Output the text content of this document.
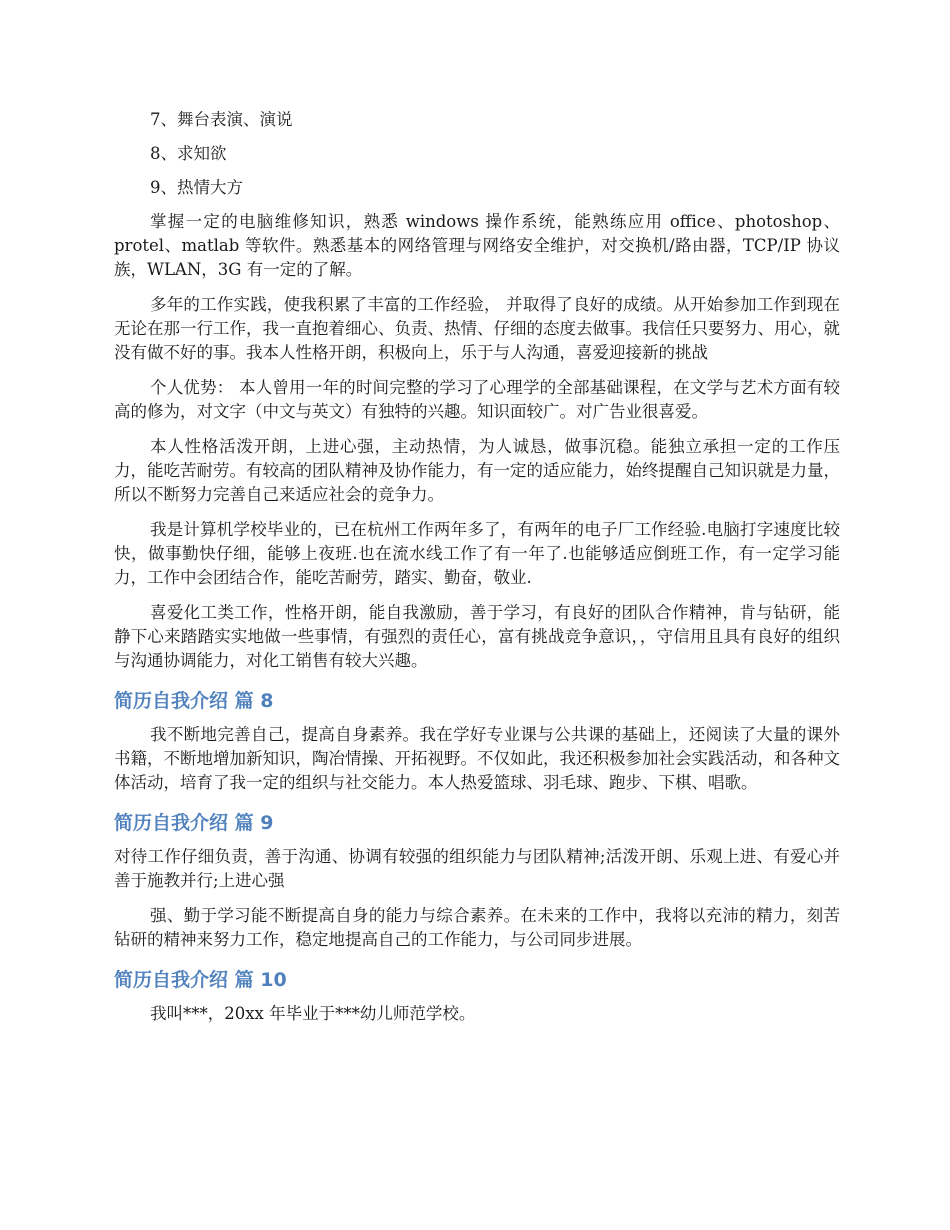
7、舞台表演、演说

8、求知欲

9、热情大方

掌握一定的电脑维修知识，熟悉 windows 操作系统，能熟练应用 office、photoshop、protel、matlab 等软件。熟悉基本的网络管理与网络安全维护，对交换机/路由器，TCP/IP 协议族，WLAN，3G 有一定的了解。

多年的工作实践，使我积累了丰富的工作经验， 并取得了良好的成绩。从开始参加工作到现在无论在那一行工作，我一直抱着细心、负责、热情、仔细的态度去做事。我信任只要努力、用心，就没有做不好的事。我本人性格开朗，积极向上，乐于与人沟通，喜爱迎接新的挑战

个人优势： 本人曾用一年的时间完整的学习了心理学的全部基础课程，在文学与艺术方面有较高的修为，对文字（中文与英文）有独特的兴趣。知识面较广。对广告业很喜爱。

本人性格活泼开朗，上进心强，主动热情，为人诚恳，做事沉稳。能独立承担一定的工作压力，能吃苦耐劳。有较高的团队精神及协作能力，有一定的适应能力，始终提醒自己知识就是力量，所以不断努力完善自己来适应社会的竞争力。

我是计算机学校毕业的，已在杭州工作两年多了，有两年的电子厂工作经验.电脑打字速度比较快，做事勤快仔细，能够上夜班.也在流水线工作了有一年了.也能够适应倒班工作，有一定学习能力，工作中会团结合作，能吃苦耐劳，踏实、勤奋，敬业.

喜爱化工类工作，性格开朗，能自我激励，善于学习，有良好的团队合作精神，肯与钻研，能静下心来踏踏实实地做一些事情，有强烈的责任心，富有挑战竞争意识，，守信用且具有良好的组织与沟通协调能力，对化工销售有较大兴趣。

简历自我介绍 篇 8

我不断地完善自己，提高自身素养。我在学好专业课与公共课的基础上，还阅读了大量的课外书籍，不断地增加新知识，陶冶情操、开拓视野。不仅如此，我还积极参加社会实践活动，和各种文体活动，培育了我一定的组织与社交能力。本人热爱篮球、羽毛球、跑步、下棋、唱歌。

简历自我介绍 篇 9

对待工作仔细负责，善于沟通、协调有较强的组织能力与团队精神;活泼开朗、乐观上进、有爱心并善于施教并行;上进心强

强、勤于学习能不断提高自身的能力与综合素养。在未来的工作中，我将以充沛的精力，刻苦钻研的精神来努力工作，稳定地提高自己的工作能力，与公司同步进展。

简历自我介绍 篇 10

我叫***，20xx 年毕业于***幼儿师范学校。
